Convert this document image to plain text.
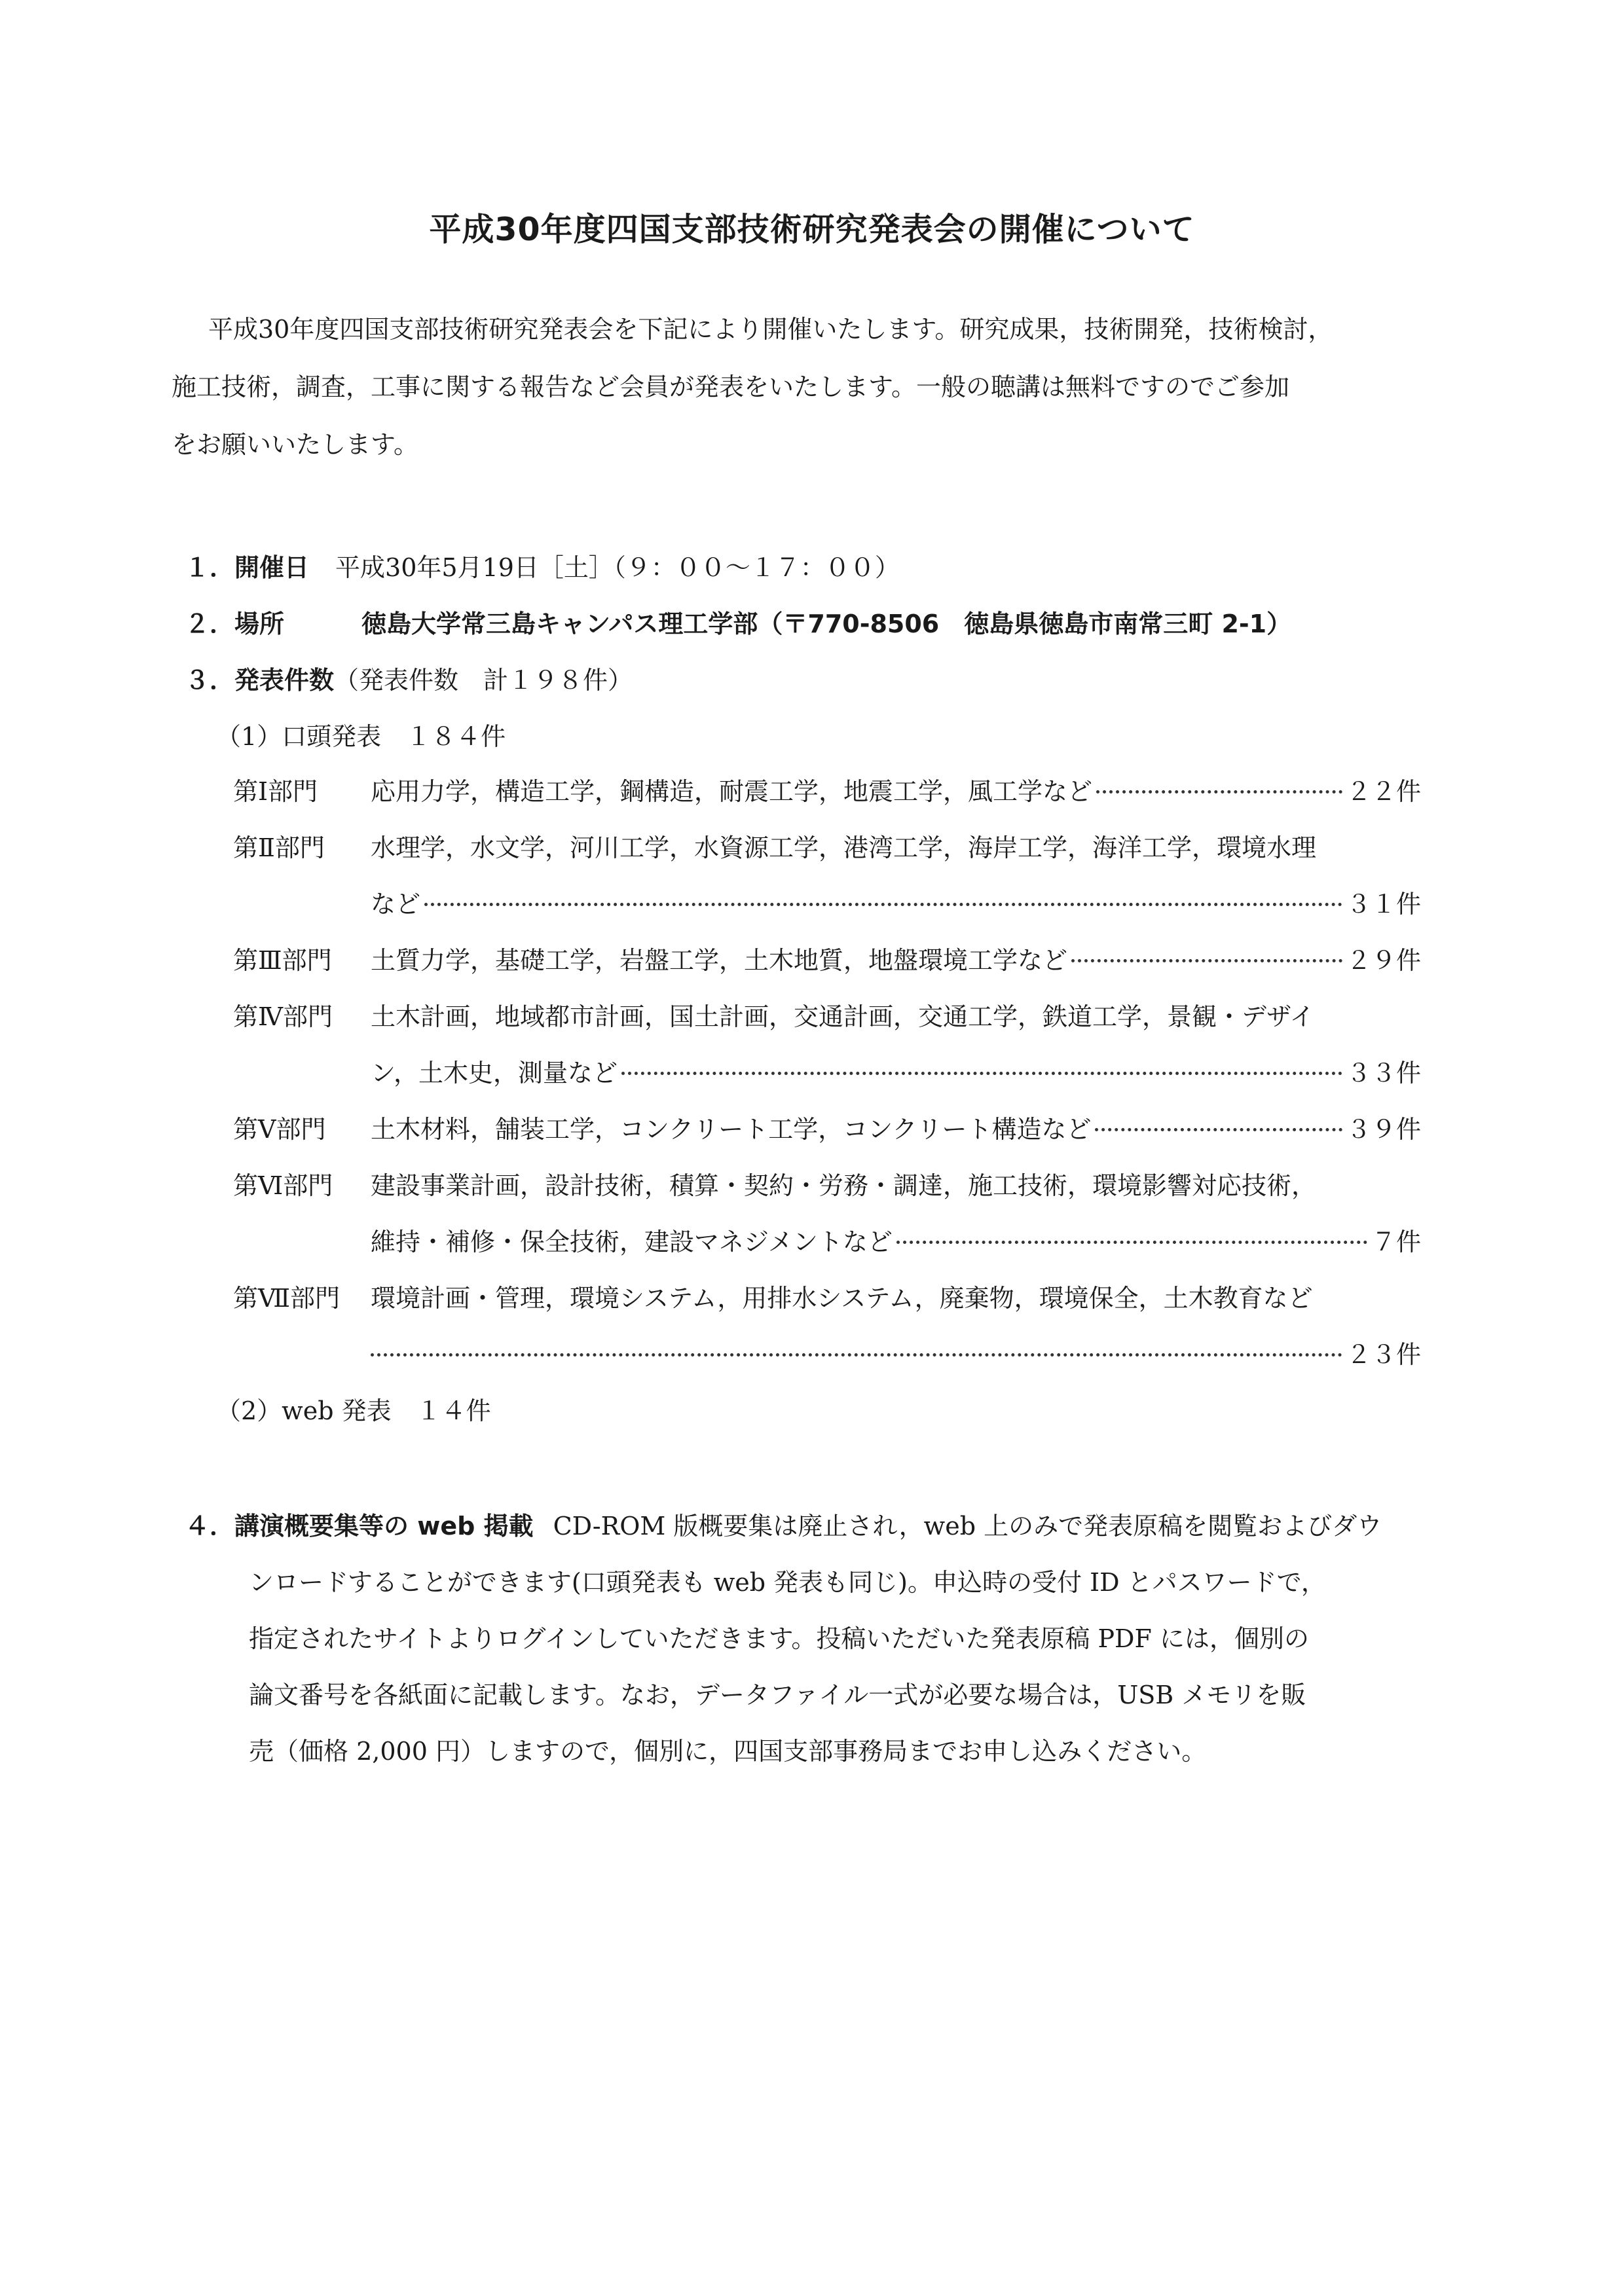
平成30年度四国支部技術研究発表会の開催について
平成30年度四国支部技術研究発表会を下記により開催いたします。研究成果，技術開発，技術検討，
施工技術，調査，工事に関する報告など会員が発表をいたします。一般の聴講は無料ですのでご参加
をお願いいたします。
１．開催日 平成30年5月19日［土］（９：００～１７：００）
２．場所	徳島大学常三島キャンパス理工学部（〒770-8506　徳島県徳島市南常三町 2-1）
３．発表件数（発表件数　計１９８件）
（1）口頭発表　１８４件
第Ⅰ部門 応用力学，構造工学，鋼構造，耐震工学，地震工学，風工学など	２２件
第Ⅱ部門 水理学，水文学，河川工学，水資源工学，港湾工学，海岸工学，海洋工学，環境水理
など	３１件
第Ⅲ部門 土質力学，基礎工学，岩盤工学，土木地質，地盤環境工学など	２９件
第Ⅳ部門 土木計画，地域都市計画，国土計画，交通計画，交通工学，鉄道工学，景観・デザイ
ン，土木史，測量など	３３件
第Ⅴ部門 土木材料，舗装工学，コンクリート工学，コンクリート構造など	３９件
第Ⅵ部門 建設事業計画，設計技術，積算・契約・労務・調達，施工技術，環境影響対応技術，
維持・補修・保全技術，建設マネジメントなど	７件
第Ⅶ部門 環境計画・管理，環境システム，用排水システム，廃棄物，環境保全，土木教育など
２３件
（2）web 発表　１４件
４．講演概要集等の web 掲載 CD-ROM 版概要集は廃止され，web 上のみで発表原稿を閲覧およびダウ
ンロードすることができます(口頭発表も web 発表も同じ)。申込時の受付 ID とパスワードで，
指定されたサイトよりログインしていただきます。投稿いただいた発表原稿 PDF には，個別の
論文番号を各紙面に記載します。なお，データファイル一式が必要な場合は，USB メモリを販
売（価格 2,000 円）しますので，個別に，四国支部事務局までお申し込みください。
